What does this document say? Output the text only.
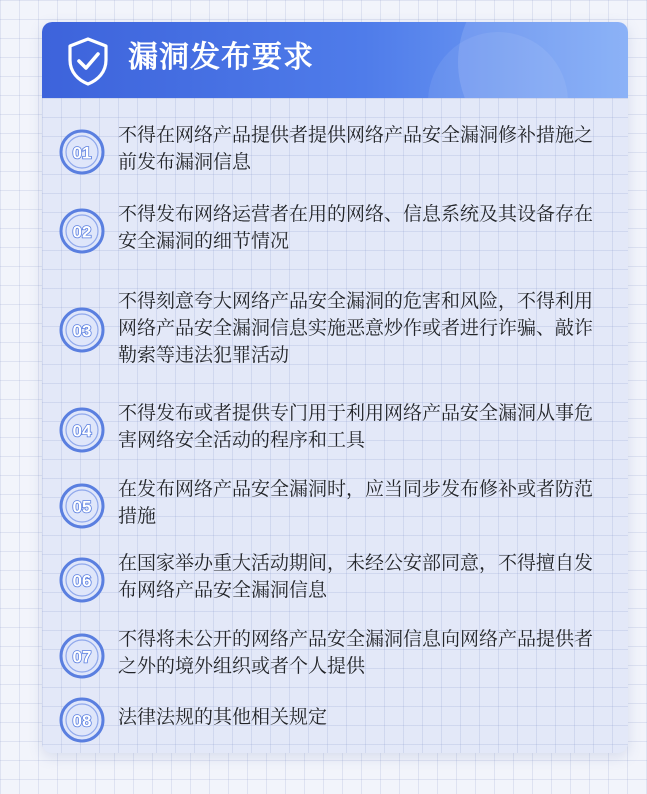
漏洞发布要求
01
不得在网络产品提供者提供网络产品安全漏洞修补措施之前发布漏洞信息
02
不得发布网络运营者在用的网络、信息系统及其设备存在安全漏洞的细节情况
03
不得刻意夸大网络产品安全漏洞的危害和风险，不得利用网络产品安全漏洞信息实施恶意炒作或者进行诈骗、敲诈勒索等违法犯罪活动
04
不得发布或者提供专门用于利用网络产品安全漏洞从事危害网络安全活动的程序和工具
05
在发布网络产品安全漏洞时，应当同步发布修补或者防范措施
06
在国家举办重大活动期间，未经公安部同意，不得擅自发布网络产品安全漏洞信息
07
不得将未公开的网络产品安全漏洞信息向网络产品提供者之外的境外组织或者个人提供
08 法律法规的其他相关规定
